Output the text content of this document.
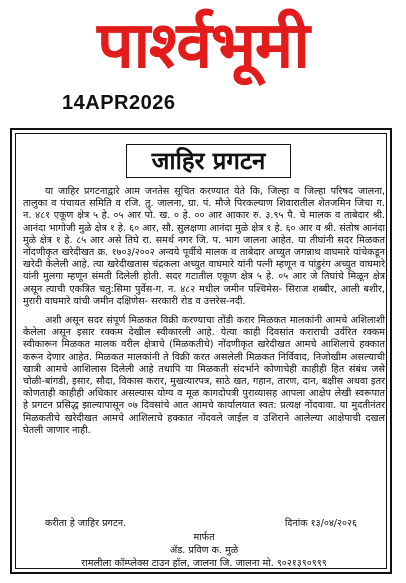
पार्श्वभूमी
14APR2026
जाहिर प्रगटन

या जाहिर प्रगटनाद्वारे आम जनतेस सूचित करण्यात येते कि, जिल्हा व जिल्हा परिषद जालना, तालुका व पंचायत समिति व रजि. तु. जालना, ग्रा. पं. मौजे पिरकल्याण शिवारातील शेतजमिन जिचा ग. न. ४८१ एकूण क्षेत्र ५ हे. ०५ आर पो. ख. ० हे. ०० आर आकार रु. ३.९५ पै. चे मालक व ताबेदार श्री. आनंदा भागोजी मुळे क्षेत्र १ हे. ६० आर, सौ. सुलक्षणा आनंदा मुळे क्षेत्र १ हे. ६० आर व श्री. संतोष आनंदा मुळे क्षेत्र १ हे. ८५ आर असे तिघे रा. समर्थ नगर जि. प. भाग जालना आहेत. या तीघांनी सदर मिळकत नोंदणीकृत खरेदीखत क्र. १७०३/२००२ अन्वये पूर्वीचे मालक व ताबेदार अच्युत जगन्नाथ वाघमारे यांचेकडून खरेदी केलेली आहे. त्या खरेदीखतास चंद्रकला अच्युत वाघमारे यांनी पत्नी म्हणून व पांडुरंग अच्युत वाघमारे यांनी मुलगा म्हणून संमती दिलेली होती. सदर गटातील एकूण क्षेत्र ५ हे. ०५ आर जे तिघांचे मिळून क्षेत्र असून त्याची एकत्रित चतु:सिमा पुर्वेस-ग. न. ४८२ मधील जमीन पश्चिमेस- सिराज शब्बीर, आली बशीर, मुरारी वाघमारे यांची जमीन दक्षिणेस- सरकारी रोड व उत्तरेस-नदी.

अशी असून सदर संपूर्ण मिळकत विक्री करण्याचा तोंडी करार मिळकत मालकांनी आमचे अशिलाशी केलेला असून इसार रक्कम देखील स्वीकारली आहे. येत्या काही दिवसांत कराराची उर्वरित रक्कम स्वीकारून मिळकत मालक वरील क्षेत्राचे (मिळकतीचे) नोंदणीकृत खरेदीखत आमचे आशिलाचे हक्कात करून देणार आहेत. मिळकत मालकांनी ते विक्री करत असलेली मिळकत निर्विवाद, निजोखीम असल्याची खात्री आमचे आशिलास दिलेली आहे तथापि या मिळकती संदर्भाने कोणाचेही काहीही हित संबंध जसे चोळी-बांगडी, इसार, सौदा, विकास करार, मुखत्यारपत्र, साठे खत, गहान, तारण, दान, बक्षीस अथवा इतर कोणताही काहीही अधिकार असल्यास योग्य व मूळ कागदोपत्री पुराव्यासह आपला आक्षेप लेखी स्वरूपात हे प्रगटन प्रसिद्ध झाल्यापासून ०७ दिवसांचे आत आमचे कार्यालयात स्वत: प्रत्यक्ष नोंदवावा. या मुदतीनंतर मिळकतीचे खरेदीखत आमचे आशिलाचे हक्कात नोंदवले जाईल व उशिराने आलेल्या आक्षेपाची दखल घेतली जाणार नाही.

करीता हे जाहिर प्रगटन.	दिनांक १३/०४/२०२६
मार्फत
ॲड. प्रविण क. मुळे
रामलीला कॉम्प्लेक्स टाउन हॉल, जालना जि. जालना मो. ९०२१३९०९९९
